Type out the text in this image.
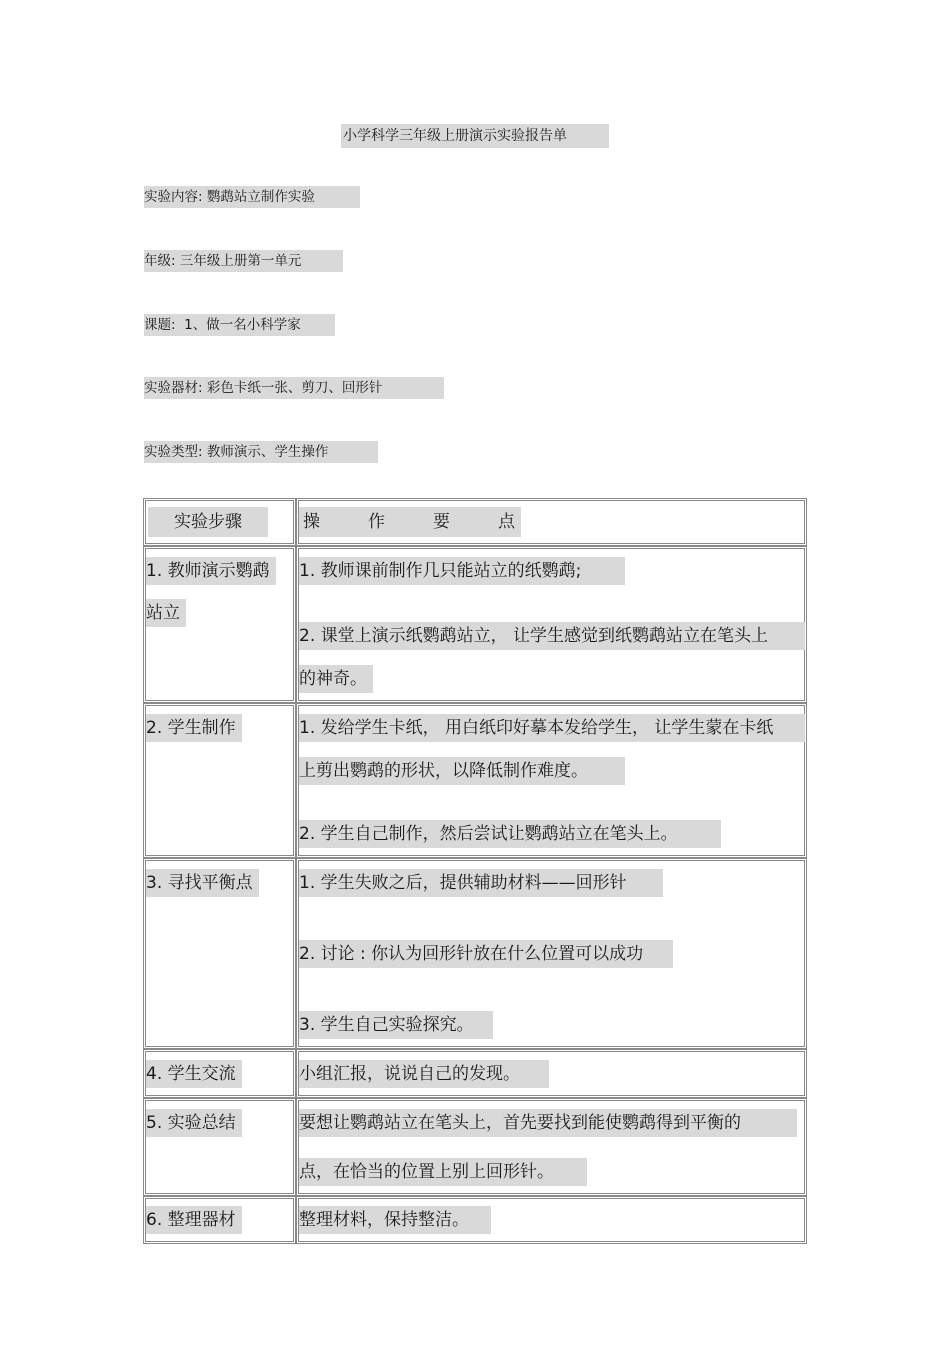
小学科学三年级上册演示实验报告单
实验内容: 鹦鹉站立制作实验
年级: 三年级上册第一单元
课题: 1、做一名小科学家
实验器材: 彩色卡纸一张、剪刀、回形针
实验类型: 教师演示、学生操作
实验步骤	操 作 要 点

1. 教师演示鹦鹉
站立	1. 教师课前制作几只能站立的纸鹦鹉;
2. 课堂上演示纸鹦鹉站立， 让学生感觉到纸鹦鹉站立在笔头上
的神奇。

2. 学生制作	1. 发给学生卡纸， 用白纸印好摹本发给学生， 让学生蒙在卡纸
上剪出鹦鹉的形状，以降低制作难度。
2. 学生自己制作，然后尝试让鹦鹉站立在笔头上。

3. 寻找平衡点	1. 学生失败之后，提供辅助材料——回形针
2. 讨论 : 你认为回形针放在什么位置可以成功
3. 学生自己实验探究。

4. 学生交流	小组汇报，说说自己的发现。

5. 实验总结	要想让鹦鹉站立在笔头上，首先要找到能使鹦鹉得到平衡的
点，在恰当的位置上别上回形针。

6. 整理器材	整理材料，保持整洁。
